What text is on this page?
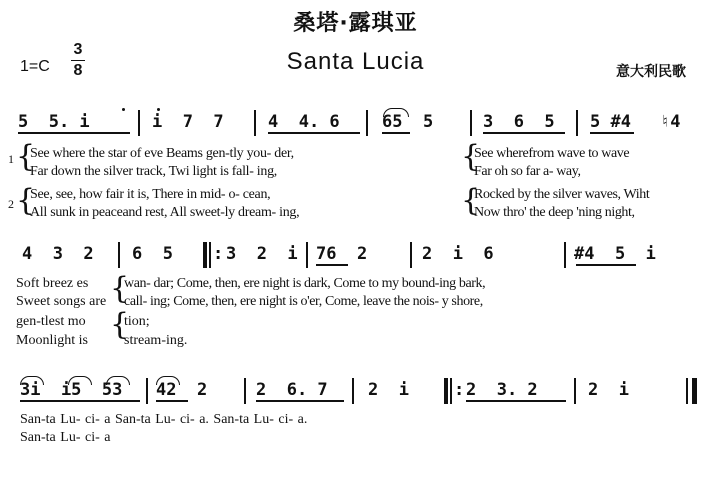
桑塔·露琪亚
Santa Lucia	意大利民歌
1=C
3
8
5  5. i	i  7  7	4  4. 6 65  5	3  6  5 5 #4 ♮4
1
2
{
{
See where the star of eve Beams gen-tly you- der,
Far down the silver track, Twi light is fall- ing,
See, see, how fair it is, There in mid- o- cean,
All sunk in peaceand rest, All sweet-ly dream- ing,
{
{
See wherefrom wave to wave
Far oh so far a- way,
Rocked by the silver waves, Wiht
Now thro' the deep 'ning night,
4  3  2 6  5 : 3  2  i 76  2	2  i  6	#4  5  i
Soft breez es
Sweet songs are
gen-tlest mo
Moonlight is
{
{
wan- dar; Come, then, ere night is dark, Come to my bound-ing bark,
call- ing; Come, then, ere night is o'er, Come, leave the nois- y shore,
tion;
stream-ing.
3i  i5  53 42  2	2  6. 7 2  i	: 2  3. 2	2  i
San-ta Lu- ci- a San-ta Lu- ci- a. San-ta Lu- ci- a.
San-ta Lu- ci- a
